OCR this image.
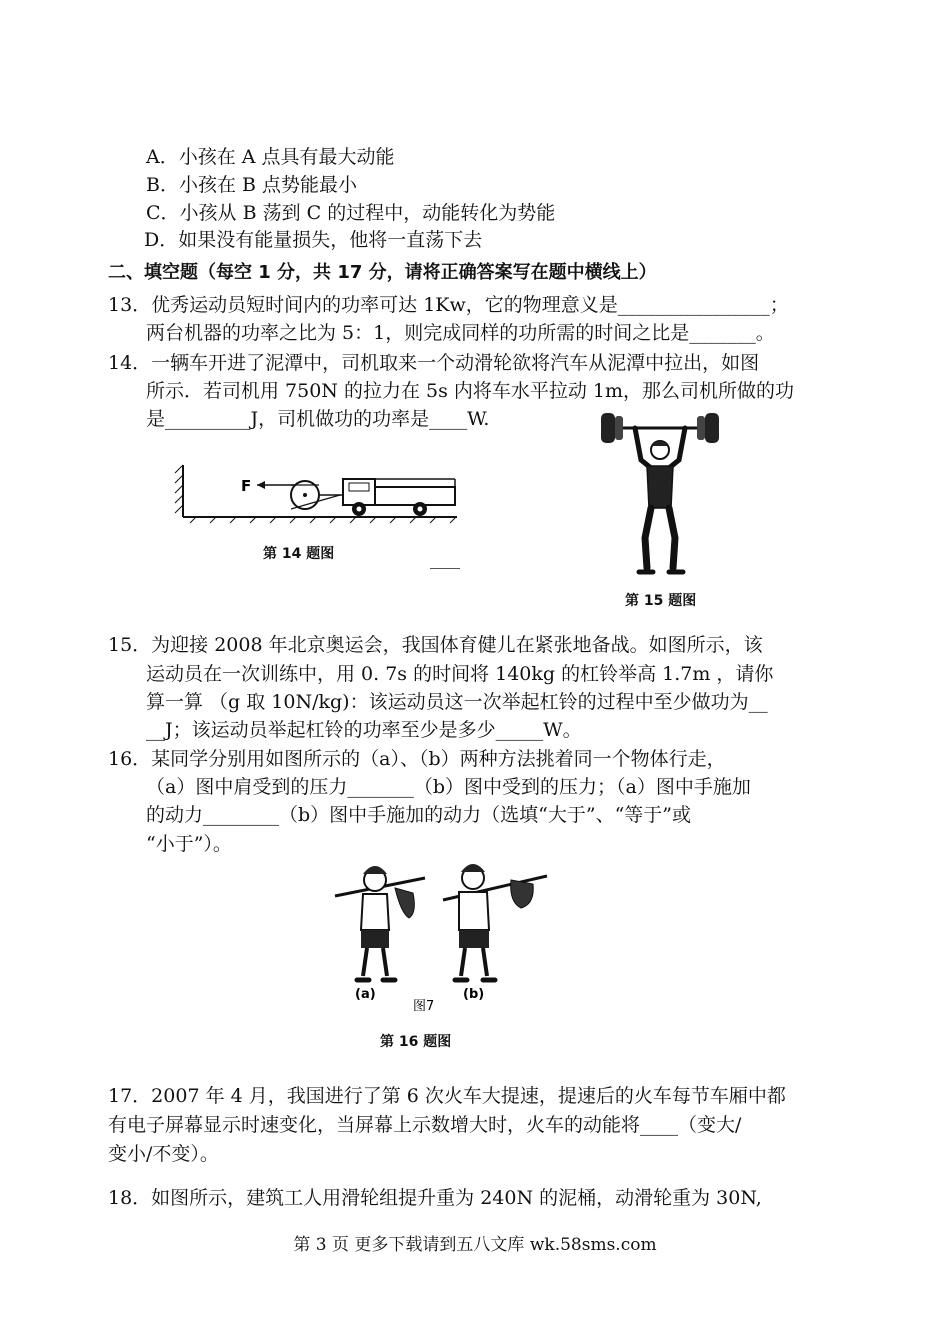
A．小孩在 A 点具有最大动能
B．小孩在 B 点势能最小
C．小孩从 B 荡到 C 的过程中，动能转化为势能
D．如果没有能量损失，他将一直荡下去
二、填空题（每空 1 分，共 17 分，请将正确答案写在题中横线上）
13．优秀运动员短时间内的功率可达 1Kw，它的物理意义是________________；
两台机器的功率之比为 5：1，则完成同样的功所需的时间之比是_______。
14．一辆车开进了泥潭中，司机取来一个动滑轮欲将汽车从泥潭中拉出，如图
所示．若司机用 750N 的拉力在 5s 内将车水平拉动 1m，那么司机所做的功
是_________J，司机做功的功率是____W.
F
第 14 题图
第 15 题图
15．为迎接 2008 年北京奥运会，我国体育健儿在紧张地备战。如图所示，该
运动员在一次训练中，用 0. 7s 的时间将 140kg 的杠铃举高 1.7m ，请你
算一算 （g 取 10N/kg)：该运动员这一次举起杠铃的过程中至少做功为__
__J；该运动员举起杠铃的功率至少是多少_____W。
16．某同学分别用如图所示的（a）、（b）两种方法挑着同一个物体行走，
（a）图中肩受到的压力_______（b）图中受到的压力；（a）图中手施加
的动力________（b）图中手施加的动力（选填“大于”、“等于”或
“小于”）。
(a)	(b)
图7
第 16 题图
17．2007 年 4 月，我国进行了第 6 次火车大提速，提速后的火车每节车厢中都
有电子屏幕显示时速变化，当屏幕上示数增大时，火车的动能将____（变大/
变小/不变）。
18．如图所示，建筑工人用滑轮组提升重为 240N 的泥桶，动滑轮重为 30N,
第 3 页 更多下载请到五八文库 wk.58sms.com
